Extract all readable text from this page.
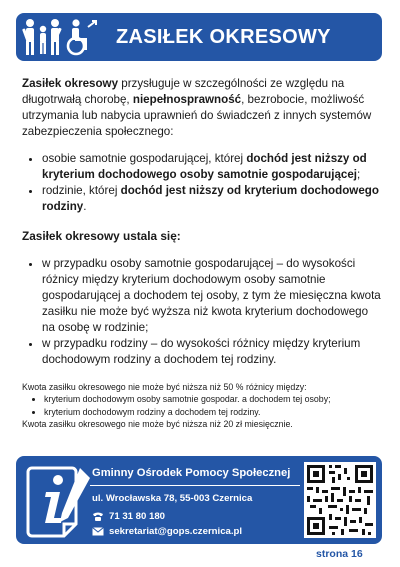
ZASIŁEK OKRESOWY

Zasiłek okresowy przysługuje w szczególności ze względu na długotrwałą chorobę, niepełnosprawność, bezrobocie, możliwość utrzymania lub nabycia uprawnień do świadczeń z innych systemów zabezpieczenia społecznego:

• osobie samotnie gospodarującej, której dochód jest niższy od kryterium dochodowego osoby samotnie gospodarującej;
• rodzinie, której dochód jest niższy od kryterium dochodowego rodziny.

Zasiłek okresowy ustala się:

• w przypadku osoby samotnie gospodarującej – do wysokości różnicy między kryterium dochodowym osoby samotnie gospodarującej a dochodem tej osoby, z tym że miesięczna kwota zasiłku nie może być wyższa niż kwota kryterium dochodowego na osobę w rodzinie;
• w przypadku rodziny – do wysokości różnicy między kryterium dochodowym rodziny a dochodem tej rodziny.

Kwota zasiłku okresowego nie może być niższa niż 50 % różnicy między:

• kryterium dochodowym osoby samotnie gospodar. a dochodem tej osoby;
• kryterium dochodowym rodziny a dochodem tej rodziny.

Kwota zasiłku okresowego nie może być niższa niż 20 zł miesięcznie.

Gminny Ośrodek Pomocy Społecznej
ul. Wrocławska 78, 55-003 Czernica
71 31 80 180
sekretariat@gops.czernica.pl
strona 16
